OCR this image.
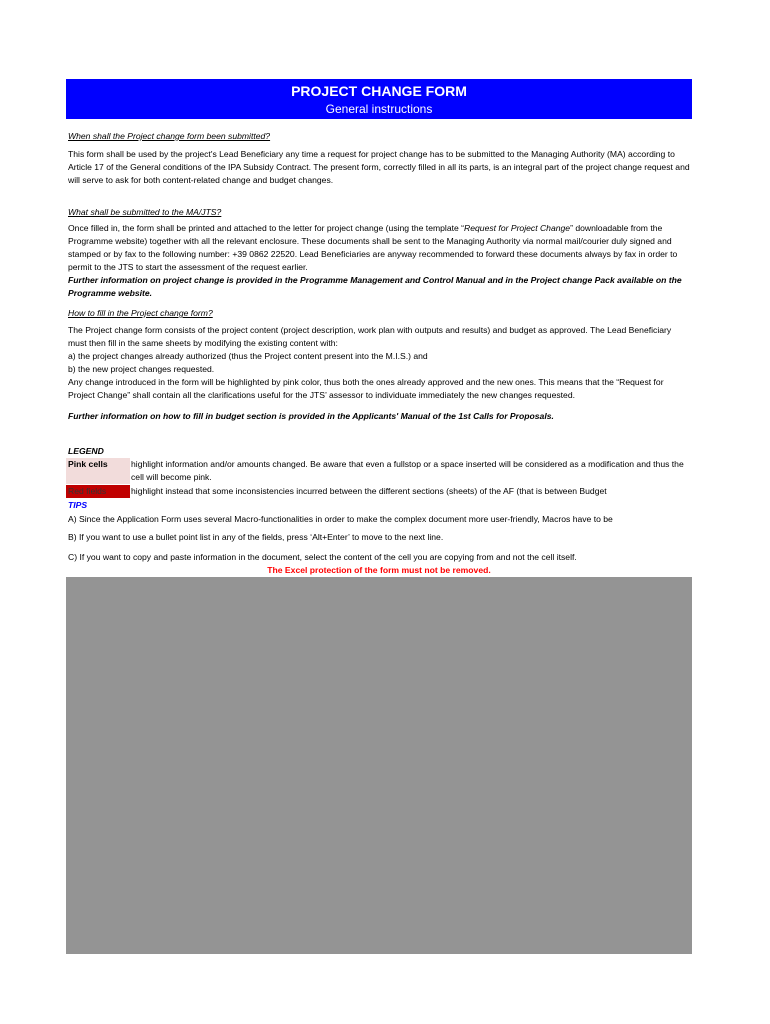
PROJECT CHANGE FORM
General instructions
When shall the Project change form been submitted?
This form shall be used by the project's Lead Beneficiary any time a request for project change has to be submitted to the Managing Authority (MA) according to Article 17 of the General conditions of the IPA Subsidy Contract. The present form, correctly filled in all its parts, is an integral part of the project change request and will serve to ask for both content-related change and budget changes.
What shall be submitted to the MA/JTS?
Once filled in, the form shall be printed and attached to the letter for project change (using the template “Request for Project Change” downloadable from the Programme website) together with all the relevant enclosure. These documents shall be sent to the Managing Authority via normal mail/courier duly signed and stamped or by fax to the following number: +39 0862 22520. Lead Beneficiaries are anyway recommended to forward these documents always by fax in order to permit to the JTS to start the assessment of the request earlier.
Further information on project change is provided in the Programme Management and Control Manual and in the Project change Pack available on the Programme website.
How to fill in the Project change form?
The Project change form consists of the project content (project description, work plan with outputs and results) and budget as approved. The Lead Beneficiary must then fill in the same sheets by modifying the existing content with:
a) the project changes already authorized (thus the Project content present into the M.I.S.) and
b) the new project changes requested.
Any change introduced in the form will be highlighted by pink color, thus both the ones already approved and the new ones. This means that the “Request for Project Change” shall contain all the clarifications useful for the JTS’ assessor to individuate immediately the new changes requested.
Further information on how to fill in budget section is provided in the Applicants' Manual of the 1st Calls for Proposals.
LEGEND
Pink cells	highlight information and/or amounts changed. Be aware that even a fullstop or a space inserted will be considered as a modification and thus the cell will become pink.
Red fields	highlight instead that some inconsistencies incurred between the different sections (sheets) of the AF (that is between Budget
TIPS
A) Since the Application Form uses several Macro-functionalities in order to make the complex document more user-friendly, Macros have to be
B) If you want to use a bullet point list in any of the fields, press ‘Alt+Enter’ to move to the next line.
C) If you want to copy and paste information in the document, select the content of the cell you are copying from and not the cell itself.
The Excel protection of the form must not be removed.
